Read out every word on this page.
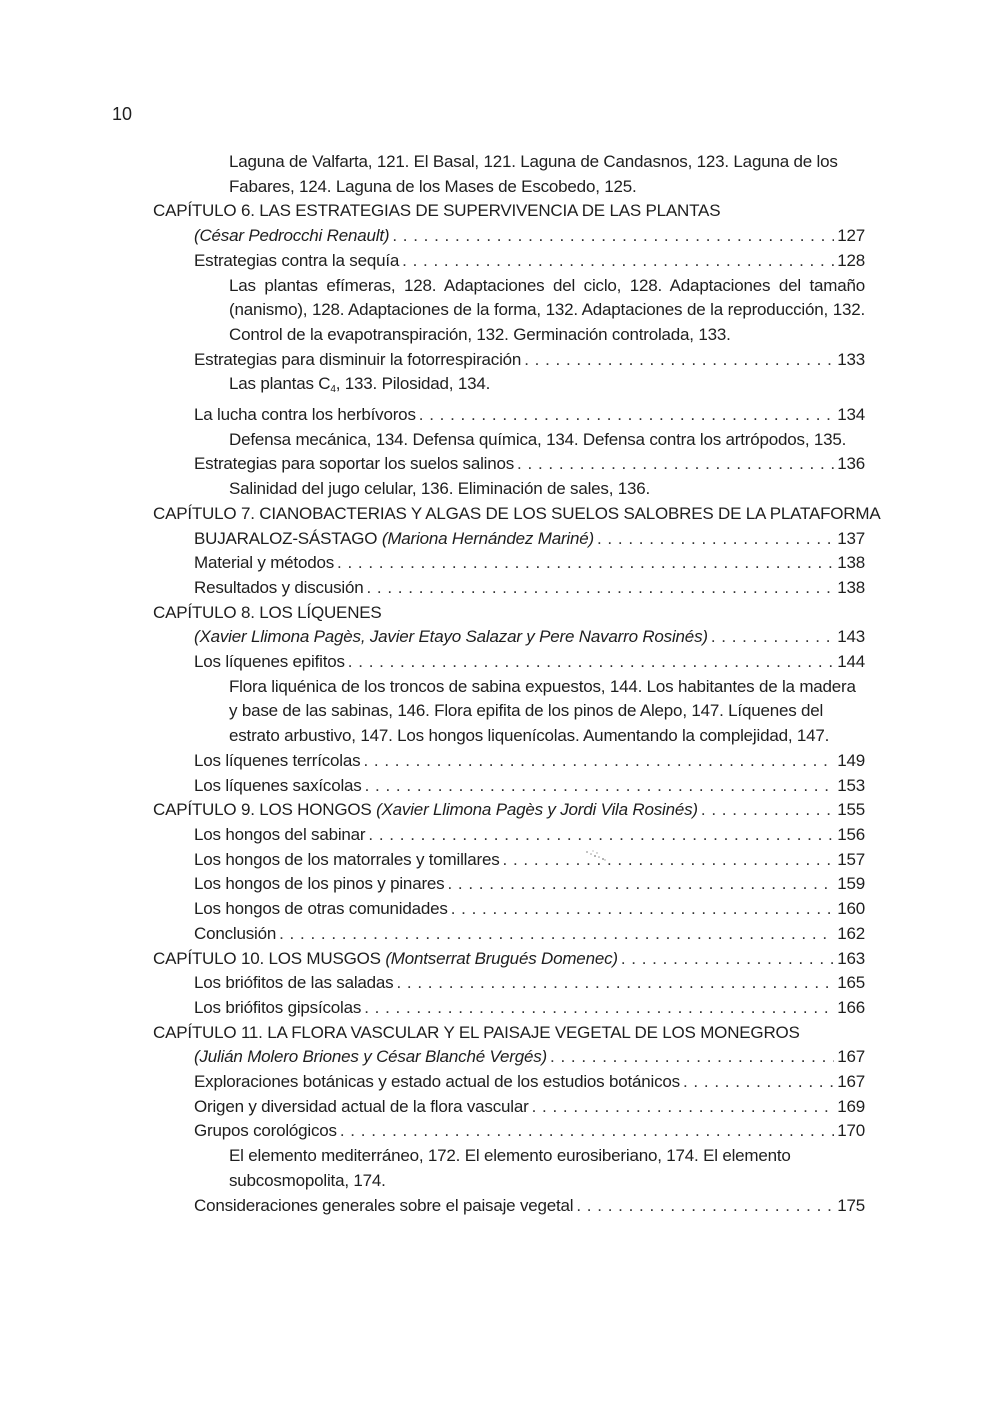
10
Laguna de Valfarta, 121. El Basal, 121. Laguna de Candasnos, 123. Laguna de los Fabares, 124. Laguna de los Mases de Escobedo, 125.
CAPÍTULO 6. LAS ESTRATEGIAS DE SUPERVIVENCIA DE LAS PLANTAS
(César Pedrocchi Renault) . . .	127
Estrategias contra la sequía . . .	128
Las plantas efímeras, 128. Adaptaciones del ciclo, 128. Adaptaciones del tamaño (nanismo), 128. Adaptaciones de la forma, 132. Adaptaciones de la reproducción, 132. Control de la evapotranspiración, 132. Germinación controlada, 133.
Estrategias para disminuir la fotorrespiración . . .	133
Las plantas $C_4$, 133. Pilosidad, 134.
La lucha contra los herbívoros . . .	134
Defensa mecánica, 134. Defensa química, 134. Defensa contra los artrópodos, 135.
Estrategias para soportar los suelos salinos . . .	136
Salinidad del jugo celular, 136. Eliminación de sales, 136.
CAPÍTULO 7. CIANOBACTERIAS Y ALGAS DE LOS SUELOS SALOBRES DE LA PLATAFORMA
BUJARALOZ-SÁSTAGO (Mariona Hernández Mariné) . . .	137
Material y métodos . . .	138
Resultados y discusión . . .	138
CAPÍTULO 8. LOS LÍQUENES
(Xavier Llimona Pagès, Javier Etayo Salazar y Pere Navarro Rosinés) . . .	143
Los líquenes epifitos . . .	144
Flora liquénica de los troncos de sabina expuestos, 144. Los habitantes de la madera y base de las sabinas, 146. Flora epifita de los pinos de Alepo, 147. Líquenes del estrato arbustivo, 147. Los hongos liquenícolas. Aumentando la complejidad, 147.
Los líquenes terrícolas . . .	149
Los líquenes saxícolas . . .	153
CAPÍTULO 9. LOS HONGOS (Xavier Llimona Pagès y Jordi Vila Rosinés) . . .	155
Los hongos del sabinar . . .	156
Los hongos de los matorrales y tomillares . . .	157
Los hongos de los pinos y pinares . . .	159
Los hongos de otras comunidades . . .	160
Conclusión . . .	162
CAPÍTULO 10. LOS MUSGOS (Montserrat Brugués Domenec) . . .	163
Los briófitos de las saladas . . .	165
Los briófitos gipsícolas . . .	166
CAPÍTULO 11. LA FLORA VASCULAR Y EL PAISAJE VEGETAL DE LOS MONEGROS
(Julián Molero Briones y César Blanché Vergés) . . .	167
Exploraciones botánicas y estado actual de los estudios botánicos . . .	167
Origen y diversidad actual de la flora vascular . . .	169
Grupos corológicos . . .	170
El elemento mediterráneo, 172. El elemento eurosiberiano, 174. El elemento subcosmopolita, 174.
Consideraciones generales sobre el paisaje vegetal . . .	175
